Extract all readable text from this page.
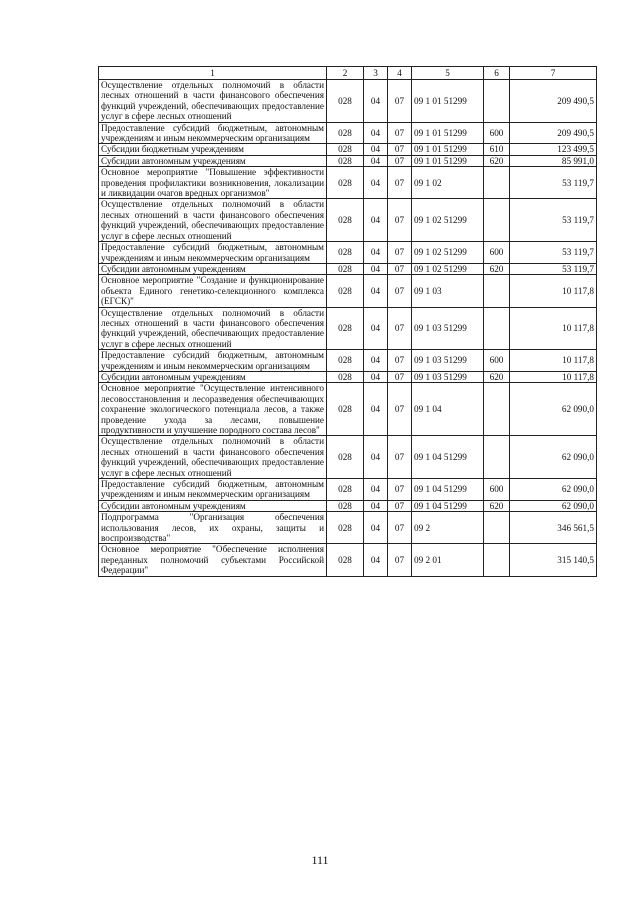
1	2	3	4	5	6	7
Осуществление отдельных полномочий в области лесных отношений в части финансового обеспечения функций учреждений, обеспечивающих предоставление услуг в сфере лесных отношений	028	04	07	09 1 01 51299		209 490,5
Предоставление субсидий бюджетным, автономным учреждениям и иным некоммерческим организациям	028	04	07	09 1 01 51299	600	209 490,5
Субсидии бюджетным учреждениям	028	04	07	09 1 01 51299	610	123 499,5
Субсидии автономным учреждениям	028	04	07	09 1 01 51299	620	85 991,0
Основное мероприятие "Повышение эффективности проведения профилактики возникновения, локализации и ликвидации очагов вредных организмов"	028	04	07	09 1 02		53 119,7
Осуществление отдельных полномочий в области лесных отношений в части финансового обеспечения функций учреждений, обеспечивающих предоставление услуг в сфере лесных отношений	028	04	07	09 1 02 51299		53 119,7
Предоставление субсидий бюджетным, автономным учреждениям и иным некоммерческим организациям	028	04	07	09 1 02 51299	600	53 119,7
Субсидии автономным учреждениям	028	04	07	09 1 02 51299	620	53 119,7
Основное мероприятие "Создание и функционирование объекта Единого генетико-селекционного комплекса (ЕГСК)"	028	04	07	09 1 03		10 117,8
Осуществление отдельных полномочий в области лесных отношений в части финансового обеспечения функций учреждений, обеспечивающих предоставление услуг в сфере лесных отношений	028	04	07	09 1 03 51299		10 117,8
Предоставление субсидий бюджетным, автономным учреждениям и иным некоммерческим организациям	028	04	07	09 1 03 51299	600	10 117,8
Субсидии автономным учреждениям	028	04	07	09 1 03 51299	620	10 117,8
Основное мероприятие "Осуществление интенсивного лесовосстановления и лесоразведения обеспечивающих сохранение экологического потенциала лесов, а также проведение ухода за лесами, повышение продуктивности и улучшение породного состава лесов"	028	04	07	09 1 04		62 090,0
Осуществление отдельных полномочий в области лесных отношений в части финансового обеспечения функций учреждений, обеспечивающих предоставление услуг в сфере лесных отношений	028	04	07	09 1 04 51299		62 090,0
Предоставление субсидий бюджетным, автономным учреждениям и иным некоммерческим организациям	028	04	07	09 1 04 51299	600	62 090,0
Субсидии автономным учреждениям	028	04	07	09 1 04 51299	620	62 090,0
Подпрограмма "Организация обеспечения использования лесов, их охраны, защиты и воспроизводства"	028	04	07	09 2		346 561,5
Основное мероприятие "Обеспечение исполнения переданных полномочий субъектами Российской Федерации"	028	04	07	09 2 01		315 140,5
111
